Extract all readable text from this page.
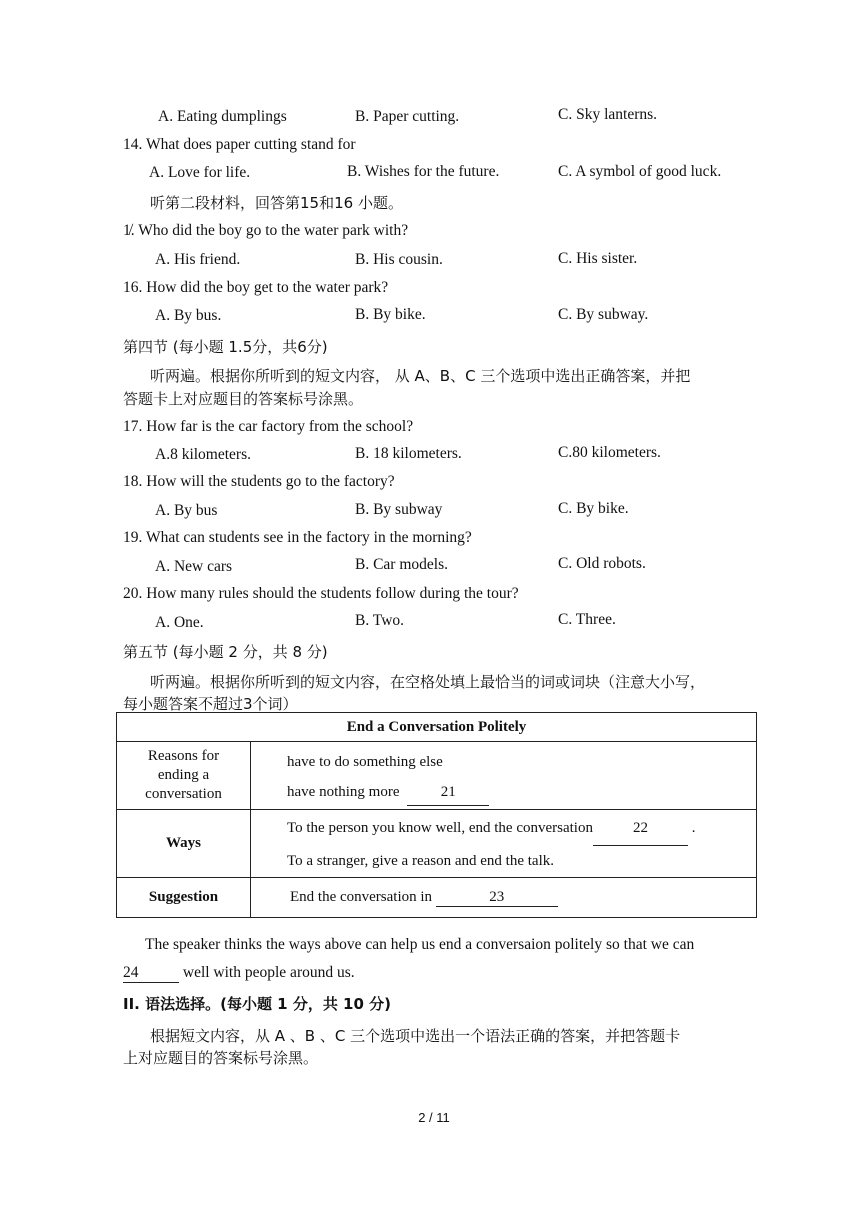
A. Eating dumplings	B. Paper cutting.	C. Sky lanterns.
14. What does paper cutting stand for
A. Love for life.	B. Wishes for the future.	C. A symbol of good luck.
听第二段材料，回答第15和16 小题。
1̸. Who did the boy go to the water park with?
A. His friend.	B. His cousin.	C. His sister.
16. How did the boy get to the water park?
A. By bus.	B. By bike.	C. By subway.
第四节 (每小题 1.5分，共6分)
听两遍。根据你所听到的短文内容， 从 A、B、C 三个选项中选出正确答案，并把
答题卡上对应题目的答案标号涂黑。
17. How far is the car factory from the school?
A.8 kilometers.	B. 18 kilometers.	C.80 kilometers.
18. How will the students go to the factory?
A. By bus	B. By subway	C. By bike.
19. What can students see in the factory in the morning?
A. New cars	B. Car models.	C. Old robots.
20. How many rules should the students follow during the tour?
A. One.	B. Two.	C. Three.
第五节 (每小题 2 分，共 8 分)
听两遍。根据你所听到的短文内容，在空格处填上最恰当的词或词块（注意大小写，
每小题答案不超过3个词）
End a Conversation Politely	
Reasons for ending a conversation	have to do something else
have nothing more 21

Ways	To the person you know well, end the conversation 22 .
To a stranger, give a reason and end the talk.

Suggestion	End the conversation in 23
The speaker thinks the ways above can help us end a conversaion politely so that we can
24	well with people around us.
II. 语法选择。(每小题 1 分，共 10 分)
根据短文内容，从 A 、B 、C 三个选项中选出一个语法正确的答案，并把答题卡
上对应题目的答案标号涂黑。
2 / 11
